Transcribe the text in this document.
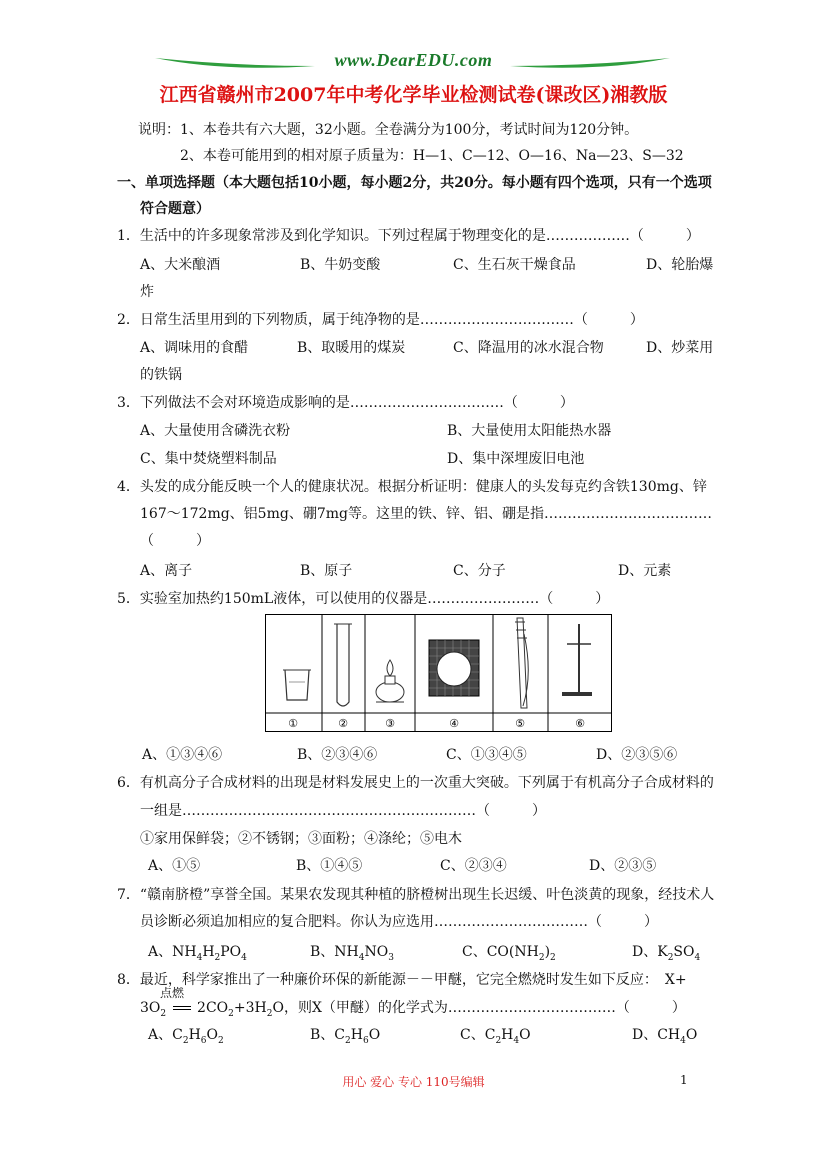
www.DearEDU.com
江西省赣州市2007年中考化学毕业检测试卷(课改区)湘教版
说明：1、本卷共有六大题，32小题。全卷满分为100分，考试时间为120分钟。
2、本卷可能用到的相对原子质量为：H—1、C—12、O—16、Na—23、S—32
一、单项选择题（本大题包括10小题，每小题2分，共20分。每小题有四个选项，只有一个选项
符合题意）
1．生活中的许多现象常涉及到化学知识。下列过程属于物理变化的是………………（　　　）
A、大米酿酒	B、牛奶变酸	C、生石灰干燥食品	D、轮胎爆
炸
2．日常生活里用到的下列物质，属于纯净物的是……………………………（　　　）
A、调味用的食醋	B、取暖用的煤炭	C、降温用的冰水混合物	D、炒菜用
的铁锅
3．下列做法不会对环境造成影响的是……………………………（　　　）
A、大量使用含磷洗衣粉	B、大量使用太阳能热水器
C、集中焚烧塑料制品	D、集中深埋废旧电池
4．头发的成分能反映一个人的健康状况。根据分析证明：健康人的头发每克约含铁130mg、锌
167～172mg、铝5mg、硼7mg等。这里的铁、锌、铝、硼是指………………………………
（　　　）
A、离子	B、原子	C、分子	D、元素
5．实验室加热约150mL液体，可以使用的仪器是……………………（　　　）
①	②	③	④	⑤	⑥
A、①③④⑥	B、②③④⑥	C、①③④⑤	D、②③⑤⑥
6．有机高分子合成材料的出现是材料发展史上的一次重大突破。下列属于有机高分子合成材料的
一组是………………………………………………………（　　　）
①家用保鲜袋；②不锈钢；③面粉；④涤纶；⑤电木
A、①⑤	B、①④⑤	C、②③④	D、②③⑤
7．“赣南脐橙”享誉全国。某果农发现其种植的脐橙树出现生长迟缓、叶色淡黄的现象，经技术人
员诊断必须追加相应的复合肥料。你认为应选用……………………………（　　　）
A、$NH_4H_2PO_4$	B、$NH_4NO_3$	C、$CO(NH_2)_2$	D、$K_2SO_4$
8．最近，科学家推出了一种廉价环保的新能源－－甲醚，它完全燃烧时发生如下反应：　X+
点燃
$3O_2$ $2CO_2+3H_2O$，则X（甲醚）的化学式为………………………………（　　　）
A、$C_2H_6O_2$	B、$C_2H_6O$	C、$C_2H_4O$	D、$CH_4O$
用心 爱心 专心 110号编辑	1
